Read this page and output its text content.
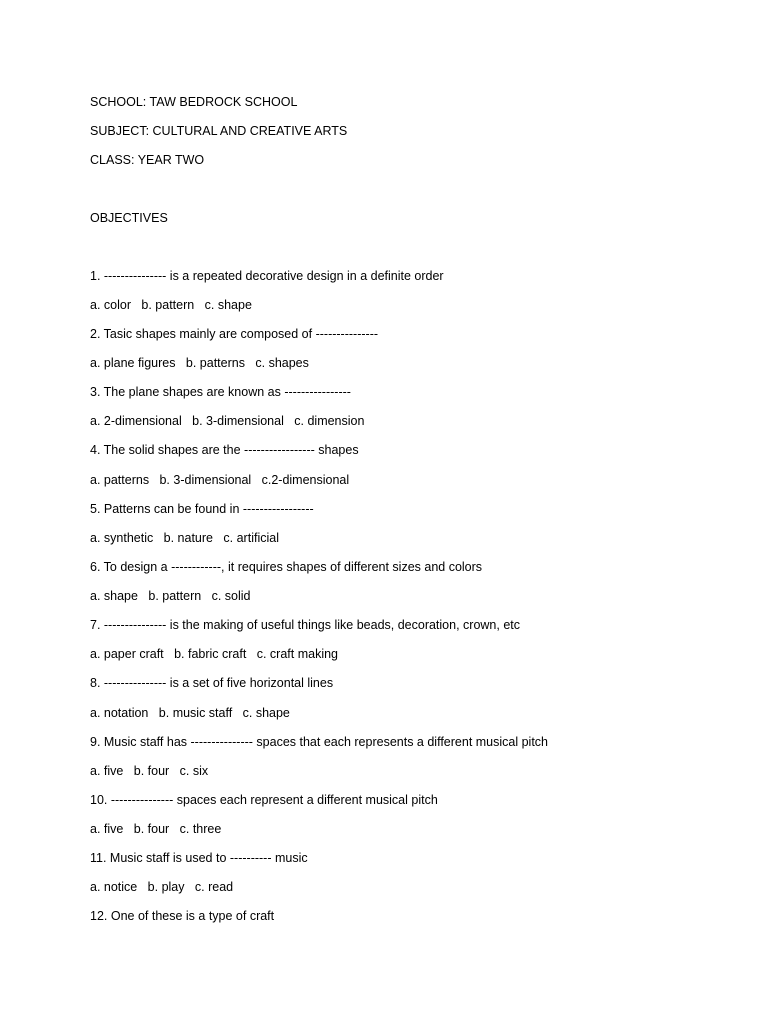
SCHOOL: TAW BEDROCK SCHOOL
SUBJECT: CULTURAL AND CREATIVE ARTS
CLASS: YEAR TWO
OBJECTIVES
1. --------------- is a repeated decorative design in a definite order
a. color   b. pattern   c. shape
2. Tasic shapes mainly are composed of ---------------
a. plane figures   b. patterns   c. shapes
3. The plane shapes are known as ----------------
a. 2-dimensional   b. 3-dimensional   c. dimension
4. The solid shapes are the ----------------- shapes
a. patterns   b. 3-dimensional   c.2-dimensional
5. Patterns can be found in -----------------
a. synthetic   b. nature   c. artificial
6. To design a ------------, it requires shapes of different sizes and colors
a. shape   b. pattern   c. solid
7. --------------- is the making of useful things like beads, decoration, crown, etc
a. paper craft   b. fabric craft   c. craft making
8. --------------- is a set of five horizontal lines
a. notation   b. music staff   c. shape
9. Music staff has --------------- spaces that each represents a different musical pitch
a. five   b. four   c. six
10. --------------- spaces each represent a different musical pitch
a. five   b. four   c. three
11. Music staff is used to ---------- music
a. notice   b. play   c. read
12. One of these is a type of craft
